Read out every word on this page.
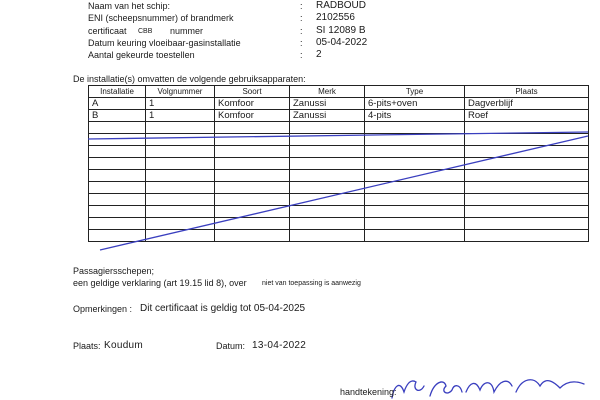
Naam van het schip:	: RADBOUD
ENI (scheepsnummer) of brandmerk	: 2102556
certificaat CBB nummer	: SI 12089 B
Datum keuring vloeibaar-gasinstallatie	: 05-04-2022
Aantal gekeurde toestellen	: 2
De installatie(s) omvatten de volgende gebruiksapparaten:
Installatie	Volgnummer	Soort	Merk	Type	Plaats
A	1	Komfoor	Zanussi	6-pits+oven	Dagverblijf
B	1	Komfoor	Zanussi	4-pits	Roef

Passagiersschepen;
een geldige verklaring (art 19.15 lid 8), over niet van toepassing is aanwezig
Opmerkingen : Dit certificaat is geldig tot 05-04-2025
Plaats: Koudum	Datum: 13-04-2022
handtekening:
